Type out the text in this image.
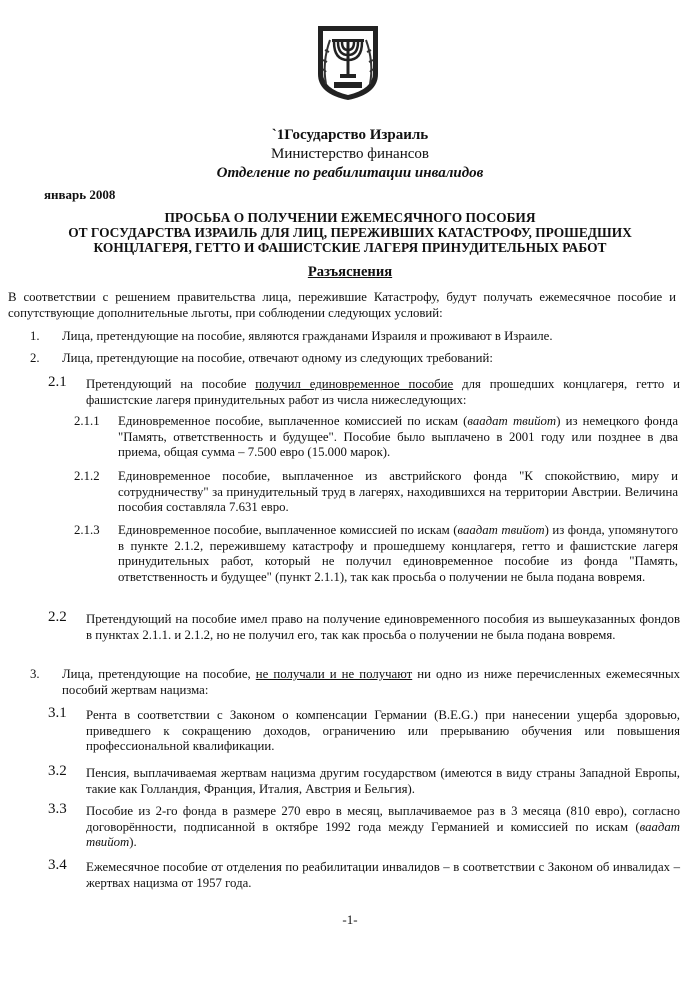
`1Государство Израиль
Министерство финансов
Отделение по реабилитации инвалидов
январь 2008
ПРОСЬБА О ПОЛУЧЕНИИ ЕЖЕМЕСЯЧНОГО ПОСОБИЯ
ОТ ГОСУДАРСТВА ИЗРАИЛЬ ДЛЯ ЛИЦ, ПЕРЕЖИВШИХ КАТАСТРОФУ, ПРОШЕДШИХ
КОНЦЛАГЕРЯ, ГЕТТО И ФАШИСТСКИЕ ЛАГЕРЯ ПРИНУДИТЕЛЬНЫХ РАБОТ
Разъяснения
В соответствии с решением правительства лица, пережившие Катастрофу, будут получать ежемесячное пособие и сопутствующие дополнительные льготы, при соблюдении следующих условий:
1. Лица, претендующие на пособие, являются гражданами Израиля и проживают в Израиле.
2. Лица, претендующие на пособие, отвечают одному из следующих требований:
2.1 Претендующий на пособие получил единовременное пособие для прошедших концлагеря, гетто и фашистские лагеря принудительных работ из числа нижеследующих:
2.1.1 Единовременное пособие, выплаченное комиссией по искам (ваадат твийот) из немецкого фонда "Память, ответственность и будущее". Пособие было выплачено в 2001 году или позднее в два приема, общая сумма – 7.500 евро (15.000 марок).
2.1.2 Единовременное пособие, выплаченное из австрийского фонда "К спокойствию, миру и сотрудничеству" за принудительный труд в лагерях, находившихся на территории Австрии. Величина пособия составляла 7.631 евро.
2.1.3 Единовременное пособие, выплаченное комиссией по искам (ваадат твийот) из фонда, упомянутого в пункте 2.1.2, пережившему катастрофу и прошедшему концлагеря, гетто и фашистские лагеря принудительных работ, который не получил единовременное пособие из фонда "Память, ответственность и будущее" (пункт 2.1.1), так как просьба о получении не была подана вовремя.
2.2 Претендующий на пособие имел право на получение единовременного пособия из вышеуказанных фондов в пунктах 2.1.1. и 2.1.2, но не получил его, так как просьба о получении не была подана вовремя.
3. Лица, претендующие на пособие, не получали и не получают ни одно из ниже перечисленных ежемесячных пособий жертвам нацизма:
3.1 Рента в соответствии с Законом о компенсации Германии (B.E.G.) при нанесении ущерба здоровью, приведшего к сокращению доходов, ограничению или прерыванию обучения или повышения профессиональной квалификации.
3.2 Пенсия, выплачиваемая жертвам нацизма другим государством (имеются в виду страны Западной Европы, такие как Голландия, Франция, Италия, Австрия и Бельгия).
3.3 Пособие из 2-го фонда в размере 270 евро в месяц, выплачиваемое раз в 3 месяца (810 евро), согласно договорённости, подписанной в октябре 1992 года между Германией и комиссией по искам (ваадат твийот).
3.4 Ежемесячное пособие от отделения по реабилитации инвалидов – в соответствии с Законом об инвалидах – жертвах нацизма от 1957 года.
-1-
